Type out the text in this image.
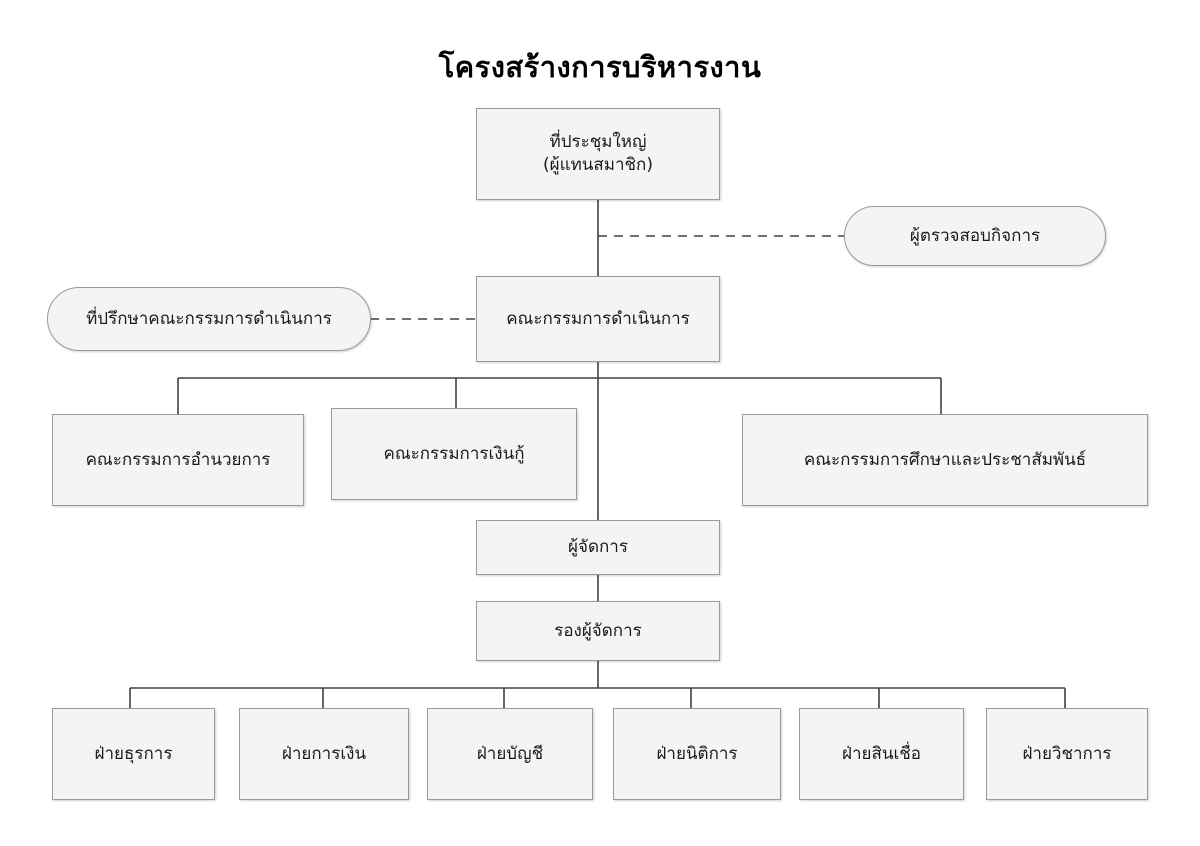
โครงสร้างการบริหารงาน
ที่ประชุมใหญ่
(ผู้แทนสมาชิก)
ผู้ตรวจสอบกิจการ
ที่ปรึกษาคณะกรรมการดำเนินการ	คณะกรรมการดำเนินการ
คณะกรรมการอำนวยการ	คณะกรรมการเงินกู้	คณะกรรมการศึกษาและประชาสัมพันธ์
ผู้จัดการ
รองผู้จัดการ
ฝ่ายธุรการ	ฝ่ายการเงิน	ฝ่ายบัญชี	ฝ่ายนิติการ	ฝ่ายสินเชื่อ	ฝ่ายวิชาการ
